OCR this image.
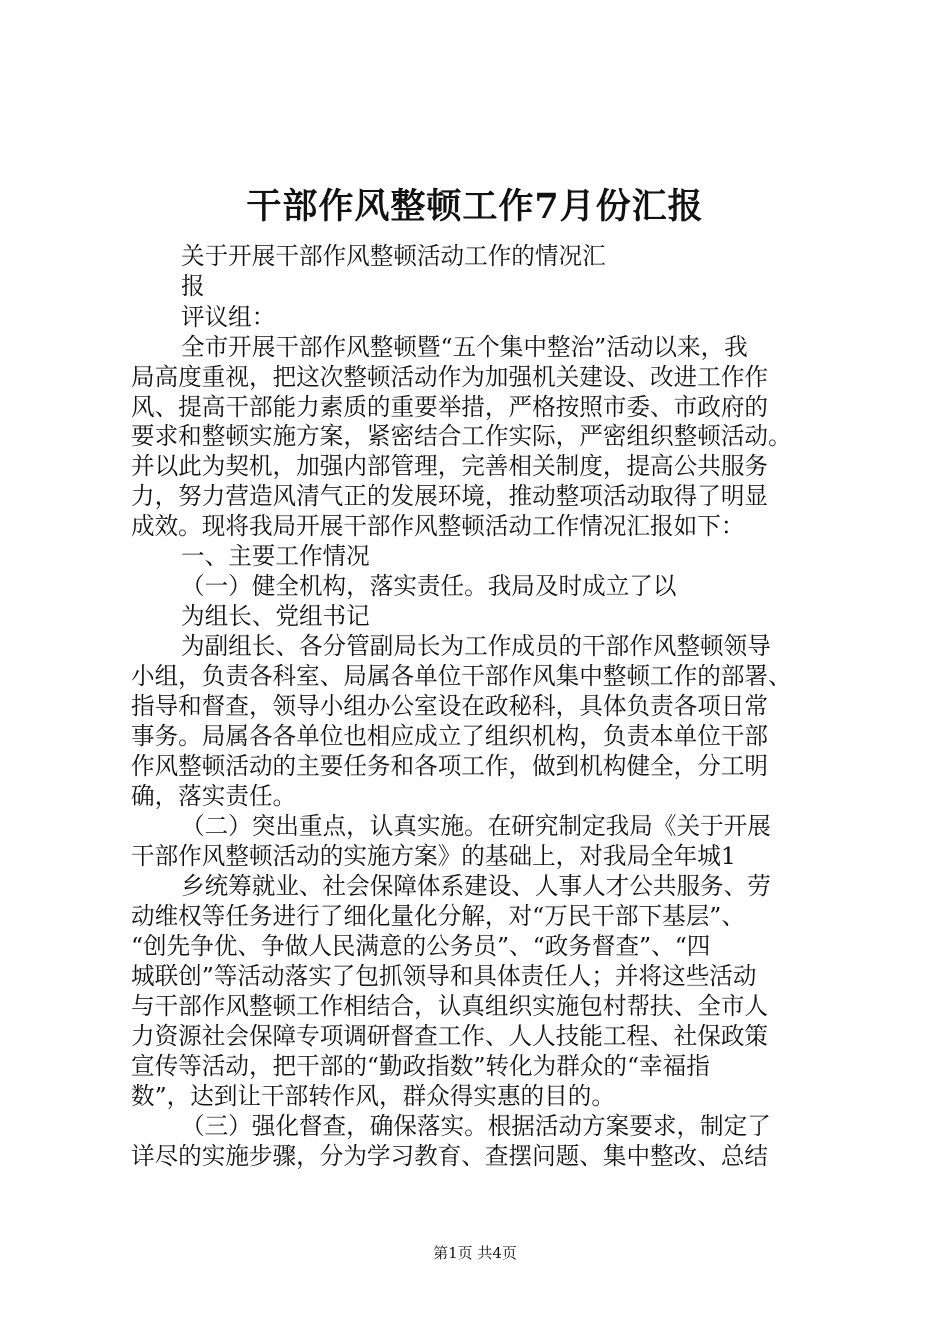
干部作风整顿工作7月份汇报
关于开展干部作风整顿活动工作的情况汇
报
评议组：
全市开展干部作风整顿暨“五个集中整治”活动以来，我
局高度重视，把这次整顿活动作为加强机关建设、改进工作作
风、提高干部能力素质的重要举措，严格按照市委、市政府的
要求和整顿实施方案，紧密结合工作实际，严密组织整顿活动。
并以此为契机，加强内部管理，完善相关制度，提高公共服务
力，努力营造风清气正的发展环境，推动整项活动取得了明显
成效。现将我局开展干部作风整顿活动工作情况汇报如下：
一、主要工作情况
（一）健全机构，落实责任。我局及时成立了以
为组长、党组书记
为副组长、各分管副局长为工作成员的干部作风整顿领导
小组，负责各科室、局属各单位干部作风集中整顿工作的部署、
指导和督查，领导小组办公室设在政秘科，具体负责各项日常
事务。局属各各单位也相应成立了组织机构，负责本单位干部
作风整顿活动的主要任务和各项工作，做到机构健全，分工明
确，落实责任。
（二）突出重点，认真实施。在研究制定我局《关于开展
干部作风整顿活动的实施方案》的基础上，对我局全年城1
乡统筹就业、社会保障体系建设、人事人才公共服务、劳
动维权等任务进行了细化量化分解，对“万民干部下基层”、
“创先争优、争做人民满意的公务员”、“政务督查”、“四
城联创”等活动落实了包抓领导和具体责任人；并将这些活动
与干部作风整顿工作相结合，认真组织实施包村帮扶、全市人
力资源社会保障专项调研督查工作、人人技能工程、社保政策
宣传等活动，把干部的“勤政指数”转化为群众的“幸福指
数”，达到让干部转作风，群众得实惠的目的。
（三）强化督查，确保落实。根据活动方案要求，制定了
详尽的实施步骤，分为学习教育、查摆问题、集中整改、总结
第1页 共4页
